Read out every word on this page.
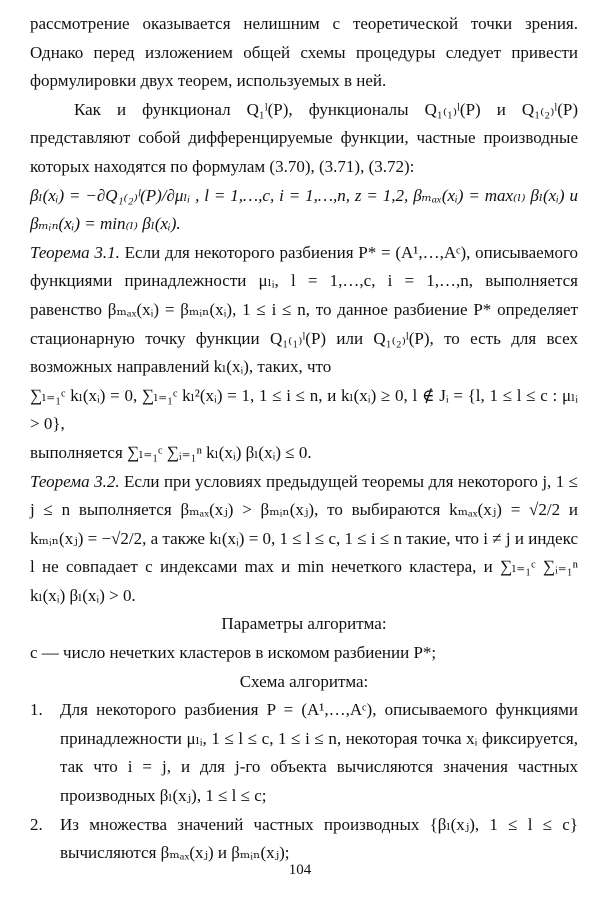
рассмотрение оказывается нелишним с теоретической точки зрения. Однако перед изложением общей схемы процедуры следует привести формулировки двух теорем, используемых в ней.

Как и функционал Q₁ˡ(P), функционалы Q₁₍₁₎ˡ(P) и Q₁₍₂₎ˡ(P) представляют собой дифференцируемые функции, частные производные которых находятся по формулам (3.70), (3.71), (3.72):

βₗ(xᵢ) = −∂Q₁₍₂₎ˡ(P)/∂μₗᵢ , l = 1,…,c, i = 1,…,n, z = 1,2, βₘₐₓ(xᵢ) = max₍ₗ₎ βₗ(xᵢ) и βₘᵢₙ(xᵢ) = min₍ₗ₎ βₗ(xᵢ).

Теорема 3.1. Если для некоторого разбиения P* = (A¹,…,Aᶜ), описываемого функциями принадлежности μₗᵢ, l = 1,…,c, i = 1,…,n, выполняется равенство βₘₐₓ(xᵢ) = βₘᵢₙ(xᵢ), 1 ≤ i ≤ n, то данное разбиение P* определяет стационарную точку функции Q₁₍₁₎ˡ(P) или Q₁₍₂₎ˡ(P), то есть для всех возможных направлений kₗ(xᵢ), таких, что

∑ₗ₌₁ᶜ kₗ(xᵢ) = 0, ∑ₗ₌₁ᶜ kₗ²(xᵢ) = 1, 1 ≤ i ≤ n, и kₗ(xᵢ) ≥ 0, l ∉ Jᵢ = {l, 1 ≤ l ≤ c : μₗᵢ > 0},

выполняется ∑ₗ₌₁ᶜ ∑ᵢ₌₁ⁿ kₗ(xᵢ) βₗ(xᵢ) ≤ 0.

Теорема 3.2. Если при условиях предыдущей теоремы для некоторого j, 1 ≤ j ≤ n выполняется βₘₐₓ(xⱼ) > βₘᵢₙ(xⱼ), то выбираются kₘₐₓ(xⱼ) = √2/2 и kₘᵢₙ(xⱼ) = −√2/2, а также kₗ(xᵢ) = 0, 1 ≤ l ≤ c, 1 ≤ i ≤ n такие, что i ≠ j и индекс l не совпадает с индексами max и min нечеткого кластера, и ∑ₗ₌₁ᶜ ∑ᵢ₌₁ⁿ kₗ(xᵢ) βₗ(xᵢ) > 0.

Параметры алгоритма:

c — число нечетких кластеров в искомом разбиении P*;

Схема алгоритма:

1. Для некоторого разбиения P = (A¹,…,Aᶜ), описываемого функциями принадлежности μₗᵢ, 1 ≤ l ≤ c, 1 ≤ i ≤ n, некоторая точка xᵢ фиксируется, так что i = j, и для j-го объекта вычисляются значения частных производных βₗ(xⱼ), 1 ≤ l ≤ c;
2. Из множества значений частных производных {βₗ(xⱼ), 1 ≤ l ≤ c} вычисляются βₘₐₓ(xⱼ) и βₘᵢₙ(xⱼ);
104
